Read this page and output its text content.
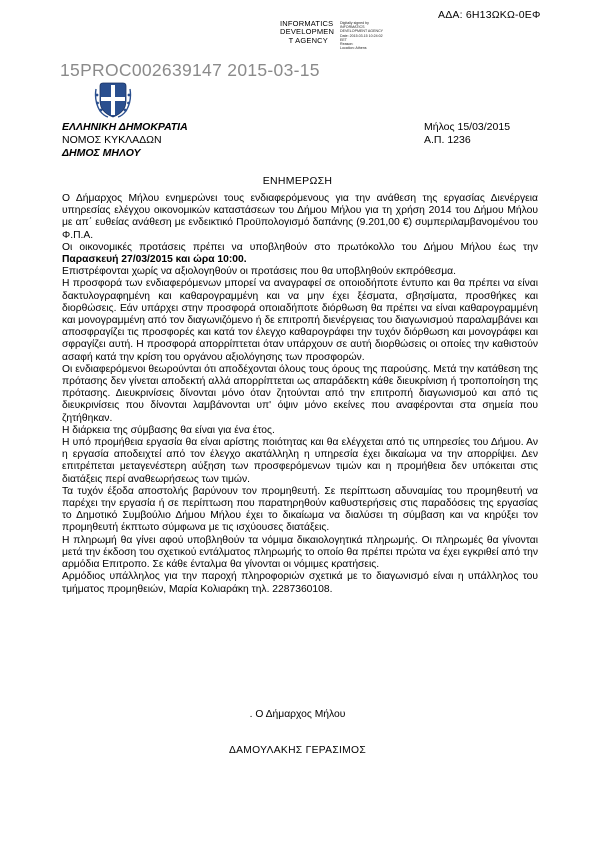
ΑΔΑ: 6Η13ΩΚΩ-0ΕΦ
INFORMATICS
DEVELOPMEN
T AGENCY
Digitally signed by
INFORMATICS
DEVELOPMENT AGENCY
Date: 2015.03.15 10:24:02
EET
Reason:
Location: Athens
15PROC002639147 2015-03-15
ΕΛΛΗΝΙΚΗ ΔΗΜΟΚΡΑΤΙΑ
ΝΟΜΟΣ ΚΥΚΛΑΔΩΝ
ΔΗΜΟΣ ΜΗΛΟΥ
Μήλος 15/03/2015
Α.Π. 1236
ΕΝΗΜΕΡΩΣΗ

Ο Δήμαρχος Μήλου ενημερώνει τους ενδιαφερόμενους για την ανάθεση της εργασίας Διενέργεια υπηρεσίας ελέγχου οικονομικών καταστάσεων του Δήμου Μήλου για τη χρήση 2014 του Δήμου Μήλου με απ΄ ευθείας ανάθεση με ενδεικτικό Προϋπολογισμό δαπάνης (9.201,00 €) συμπεριλαμβανομένου του Φ.Π.Α.

Οι οικονομικές προτάσεις πρέπει να υποβληθούν στο πρωτόκολλο του Δήμου Μήλου έως την Παρασκευή 27/03/2015 και ώρα 10:00.

Επιστρέφονται χωρίς να αξιολογηθούν οι προτάσεις που θα υποβληθούν εκπρόθεσμα.

Η προσφορά των ενδιαφερόμενων μπορεί να αναγραφεί σε οποιοδήποτε έντυπο και θα πρέπει να είναι δακτυλογραφημένη και καθαρογραμμένη και να μην έχει ξέσματα, σβησίματα, προσθήκες και διορθώσεις. Εάν υπάρχει στην προσφορά οποιαδήποτε διόρθωση θα πρέπει να είναι καθαρογραμμένη και μονογραμμένη από τον διαγωνιζόμενο ή δε επιτροπή διενέργειας του διαγωνισμού παραλαμβάνει και αποσφραγίζει τις προσφορές και κατά τον έλεγχο καθαρογράφει την τυχόν διόρθωση και μονογράφει και σφραγίζει αυτή. Η προσφορά απορρίπτεται όταν υπάρχουν σε αυτή διορθώσεις οι οποίες την καθιστούν ασαφή κατά την κρίση του οργάνου αξιολόγησης των προσφορών.

Οι ενδιαφερόμενοι θεωρούνται ότι αποδέχονται όλους τους όρους της παρούσης. Μετά την κατάθεση της πρότασης δεν γίνεται αποδεκτή αλλά απορρίπτεται ως απαράδεκτη κάθε διευκρίνιση ή τροποποίηση της πρότασης. Διευκρινίσεις δίνονται μόνο όταν ζητούνται από την επιτροπή διαγωνισμού και από τις διευκρινίσεις που δίνονται λαμβάνονται υπ' όψιν μόνο εκείνες που αναφέρονται στα σημεία που ζητήθηκαν.

Η διάρκεια της σύμβασης θα είναι για ένα έτος.

Η υπό προμήθεια εργασία θα είναι αρίστης ποιότητας και θα ελέγχεται από τις υπηρεσίες του Δήμου. Αν η εργασία αποδειχτεί από τον έλεγχο ακατάλληλη η υπηρεσία έχει δικαίωμα να την απορρίψει. Δεν επιτρέπεται μεταγενέστερη αύξηση των προσφερόμενων τιμών και η προμήθεια δεν υπόκειται στις διατάξεις περί αναθεωρήσεως των τιμών.

Τα τυχόν έξοδα αποστολής βαρύνουν τον προμηθευτή. Σε περίπτωση αδυναμίας του προμηθευτή να παρέχει την εργασία ή σε περίπτωση που παρατηρηθούν καθυστερήσεις στις παραδόσεις της εργασίας το Δημοτικό Συμβούλιο Δήμου Μήλου έχει το δικαίωμα να διαλύσει τη σύμβαση και να κηρύξει τον προμηθευτή έκπτωτο σύμφωνα με τις ισχύουσες διατάξεις.

Η πληρωμή θα γίνει αφού υποβληθούν τα νόμιμα δικαιολογητικά πληρωμής. Οι πληρωμές θα γίνονται μετά την έκδοση του σχετικού εντάλματος πληρωμής το οποίο θα πρέπει πρώτα να έχει εγκριθεί από την αρμόδια Επιτροπο. Σε κάθε ένταλμα θα γίνονται οι νόμιμες κρατήσεις.

Αρμόδιος υπάλληλος για την παροχή πληροφοριών σχετικά με το διαγωνισμό είναι η υπάλληλος του τμήματος προμηθειών, Μαρία Κολιαράκη τηλ. 2287360108.

. Ο Δήμαρχος Μήλου
ΔΑΜΟΥΛΑΚΗΣ ΓΕΡΑΣΙΜΟΣ
